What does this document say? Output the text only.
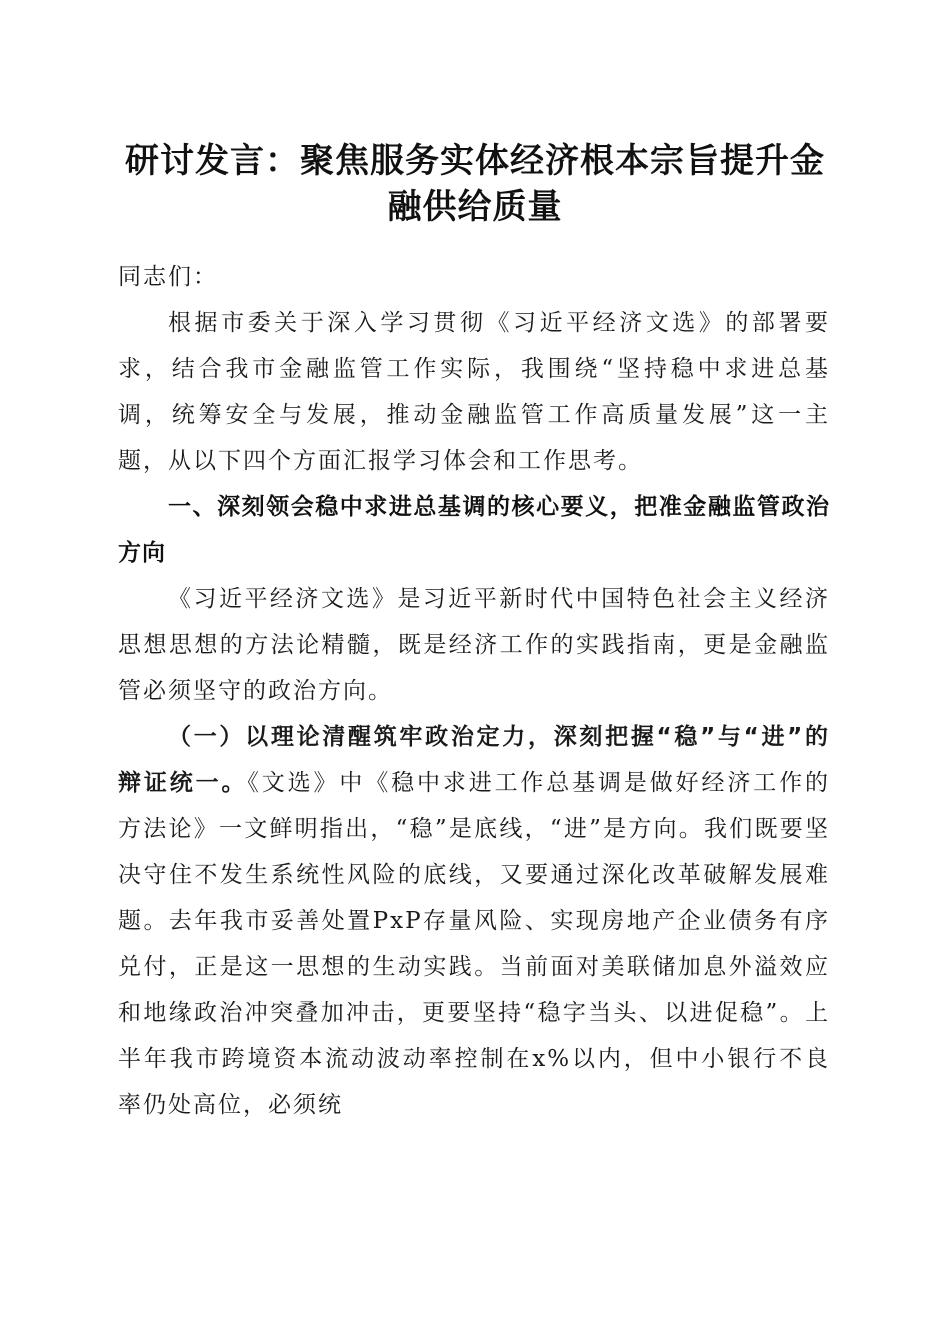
研讨发言：聚焦服务实体经济根本宗旨提升金融供给质量

同志们：

根据市委关于深入学习贯彻《习近平经济文选》的部署要求，结合我市金融监管工作实际，我围绕“坚持稳中求进总基调，统筹安全与发展，推动金融监管工作高质量发展”这一主题，从以下四个方面汇报学习体会和工作思考。

一、深刻领会稳中求进总基调的核心要义，把准金融监管政治方向

《习近平经济文选》是习近平新时代中国特色社会主义经济思想思想的方法论精髓，既是经济工作的实践指南，更是金融监管必须坚守的政治方向。

（一）以理论清醒筑牢政治定力，深刻把握“稳”与“进”的辩证统一。《文选》中《稳中求进工作总基调是做好经济工作的方法论》一文鲜明指出，“稳”是底线，“进”是方向。我们既要坚决守住不发生系统性风险的底线，又要通过深化改革破解发展难题。去年我市妥善处置PxP存量风险、实现房地产企业债务有序兑付，正是这一思想的生动实践。当前面对美联储加息外溢效应和地缘政治冲突叠加冲击，更要坚持“稳字当头、以进促稳”。上半年我市跨境资本流动波动率控制在x%以内，但中小银行不良率仍处高位，必须统
